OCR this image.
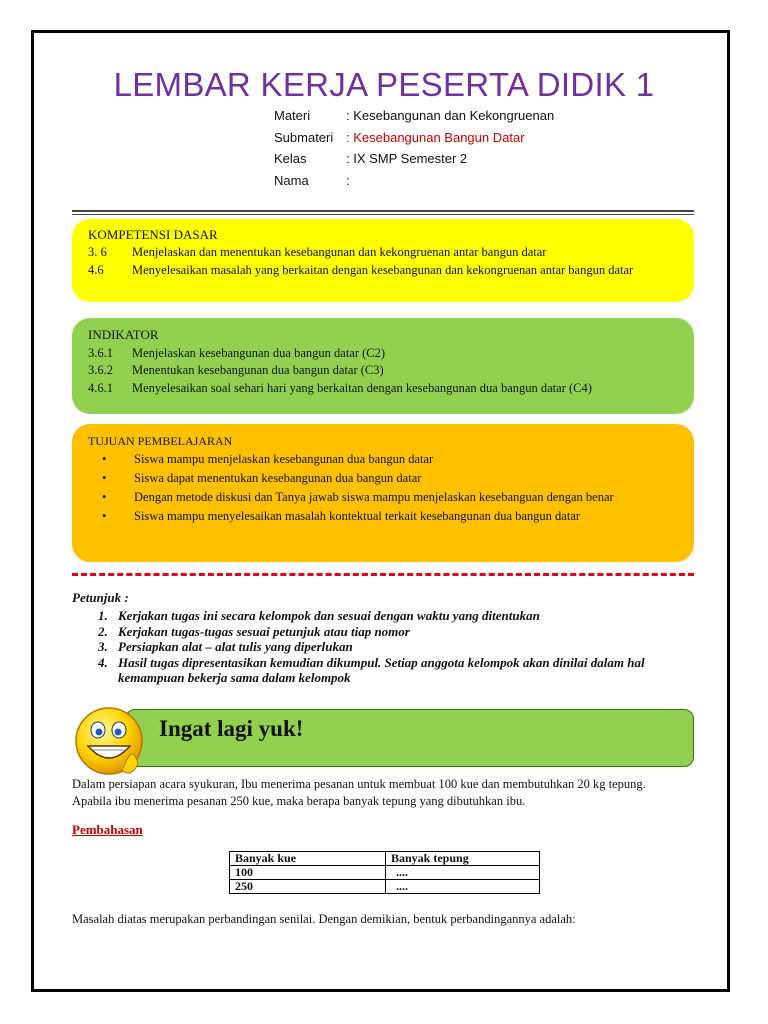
LEMBAR KERJA PESERTA DIDIK 1
Materi	: Kesebangunan dan Kekongruenan
Submateri : Kesebangunan Bangun Datar
Kelas	: IX SMP Semester 2
Nama	:
KOMPETENSI DASAR
3. 6 Menjelaskan dan menentukan kesebangunan dan kekongruenan antar bangun datar
4.6 Menyelesaikan masalah yang berkaitan dengan kesebangunan dan kekongruenan antar bangun datar
INDIKATOR
3.6.1 Menjelaskan kesebangunan dua bangun datar (C2)
3.6.2 Menentukan kesebangunan dua bangun datar (C3)
4.6.1 Menyelesaikan soal sehari hari yang berkaitan dengan kesebangunan dua bangun datar (C4)
TUJUAN PEMBELAJARAN
• Siswa mampu menjelaskan kesebangunan dua bangun datar
• Siswa dapat menentukan kesebangunan dua bangun datar
• Dengan metode diskusi dan Tanya jawab siswa mampu menjelaskan kesebanguan dengan benar
• Siswa mampu menyelesaikan masalah kontektual terkait kesebangunan dua bangun datar
Petunjuk :
1. Kerjakan tugas ini secara kelompok dan sesuai dengan waktu yang ditentukan
2. Kerjakan tugas-tugas sesuai petunjuk atau tiap nomor
3. Persiapkan alat – alat tulis yang diperlukan
4. Hasil tugas dipresentasikan kemudian dikumpul. Setiap anggota kelompok akan dinilai dalam hal kemampuan bekerja sama dalam kelompok
Ingat lagi yuk!
Dalam persiapan acara syukuran, Ibu menerima pesanan untuk membuat 100 kue dan membutuhkan 20 kg tepung.
Apabila ibu menerima pesanan 250 kue, maka berapa banyak tepung yang dibutuhkan ibu.
Pembahasan
Banyak kue	Banyak tepung
100	....
250	....
Masalah diatas merupakan perbandingan senilai. Dengan demikian, bentuk perbandingannya adalah:
